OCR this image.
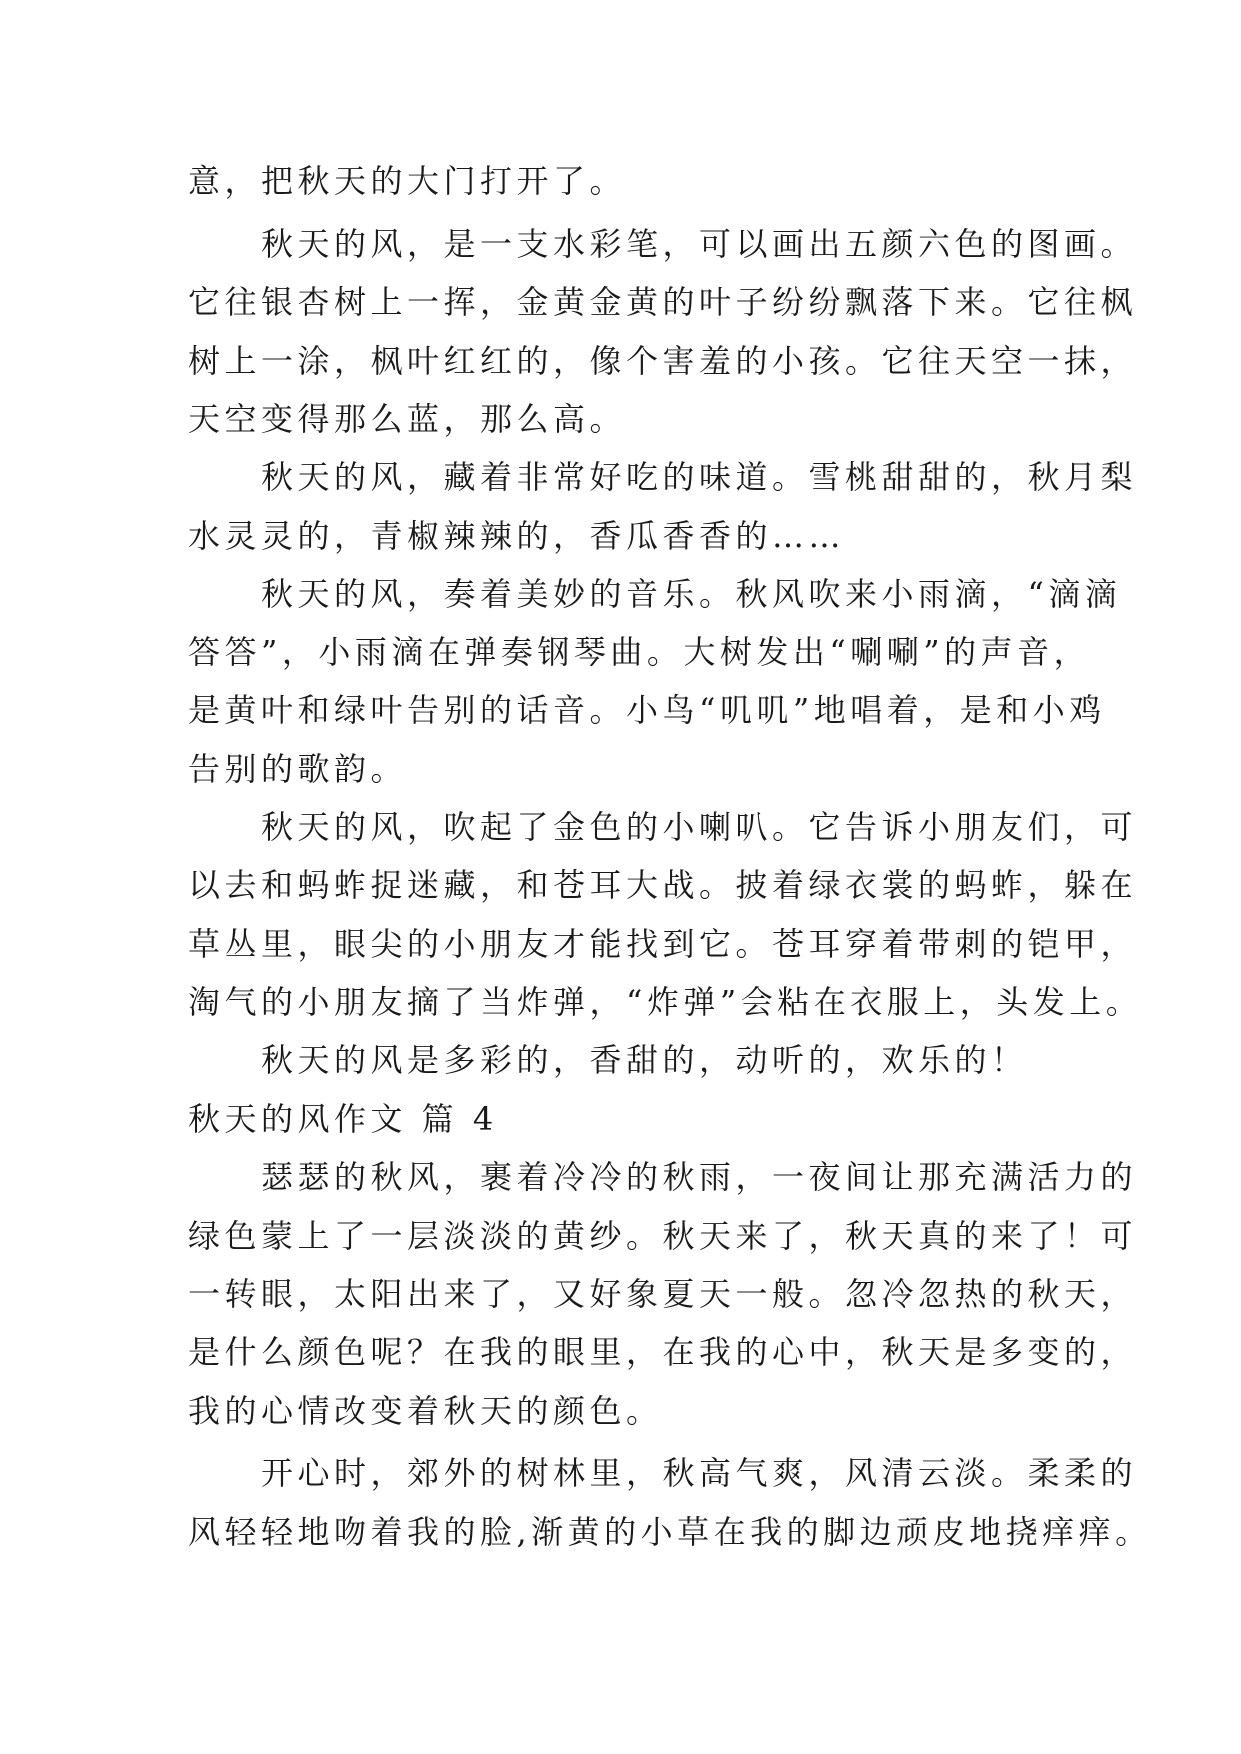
意，把秋天的大门打开了。
　　秋天的风，是一支水彩笔，可以画出五颜六色的图画。
它往银杏树上一挥，金黄金黄的叶子纷纷飘落下来。它往枫
树上一涂，枫叶红红的，像个害羞的小孩。它往天空一抹，
天空变得那么蓝，那么高。
　　秋天的风，藏着非常好吃的味道。雪桃甜甜的，秋月梨
水灵灵的，青椒辣辣的，香瓜香香的……
　　秋天的风，奏着美妙的音乐。秋风吹来小雨滴，“滴滴
答答”，小雨滴在弹奏钢琴曲。大树发出“唰唰”的声音，
是黄叶和绿叶告别的话音。小鸟“叽叽”地唱着，是和小鸡
告别的歌韵。
　　秋天的风，吹起了金色的小喇叭。它告诉小朋友们，可
以去和蚂蚱捉迷藏，和苍耳大战。披着绿衣裳的蚂蚱，躲在
草丛里，眼尖的小朋友才能找到它。苍耳穿着带刺的铠甲，
淘气的小朋友摘了当炸弹，“炸弹”会粘在衣服上，头发上。
　　秋天的风是多彩的，香甜的，动听的，欢乐的！
秋天的风作文 篇 4
　　瑟瑟的秋风，裹着冷冷的秋雨，一夜间让那充满活力的
绿色蒙上了一层淡淡的黄纱。秋天来了，秋天真的来了！可
一转眼，太阳出来了，又好象夏天一般。忽冷忽热的秋天，
是什么颜色呢？在我的眼里，在我的心中，秋天是多变的，
我的心情改变着秋天的颜色。
　　开心时，郊外的树林里，秋高气爽，风清云淡。柔柔的
风轻轻地吻着我的脸,渐黄的小草在我的脚边顽皮地挠痒痒。
